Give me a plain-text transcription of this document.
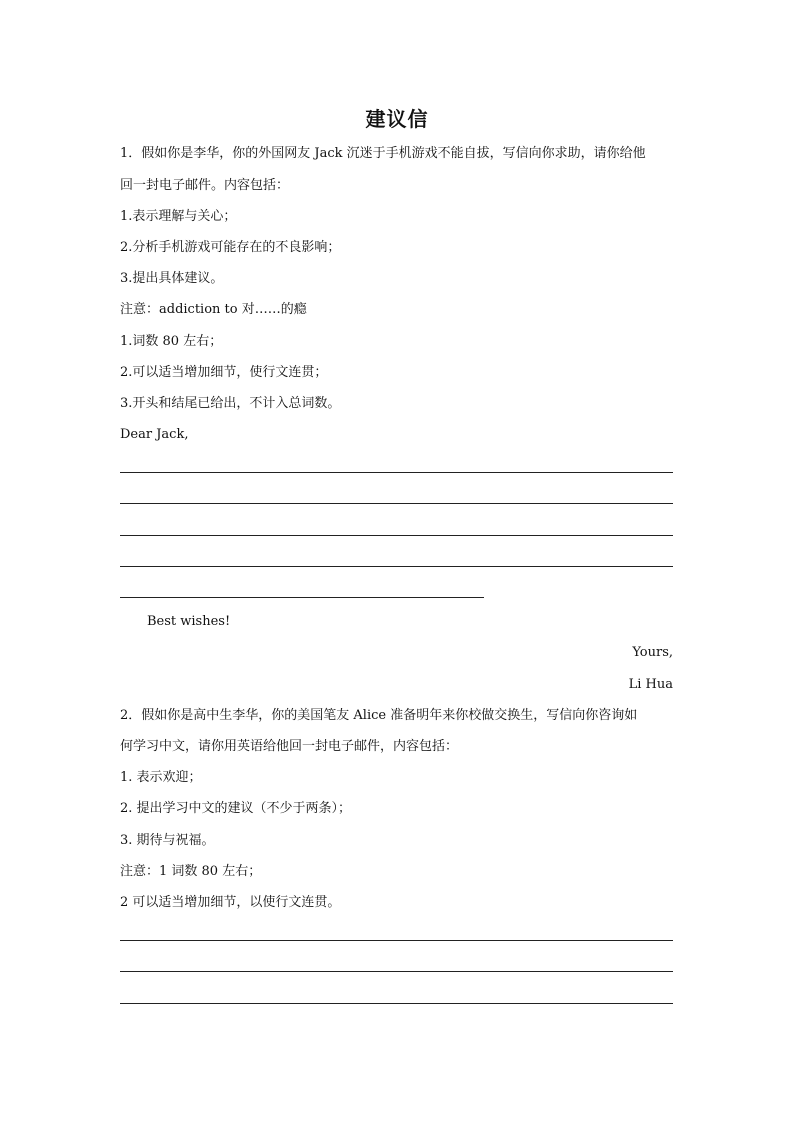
建议信
1．假如你是李华，你的外国网友 Jack 沉迷于手机游戏不能自拔，写信向你求助，请你给他
回一封电子邮件。内容包括：
1.表示理解与关心；
2.分析手机游戏可能存在的不良影响；
3.提出具体建议。
注意：addiction to 对……的瘾
1.词数 80 左右；
2.可以适当增加细节，使行文连贯；
3.开头和结尾已给出，不计入总词数。
Dear Jack,
Best wishes!
Yours,
Li Hua
2．假如你是高中生李华，你的美国笔友 Alice 准备明年来你校做交换生，写信向你咨询如
何学习中文，请你用英语给他回一封电子邮件，内容包括：
1. 表示欢迎；
2. 提出学习中文的建议（不少于两条）；
3. 期待与祝福。
注意：1 词数 80 左右；
2 可以适当增加细节，以使行文连贯。
